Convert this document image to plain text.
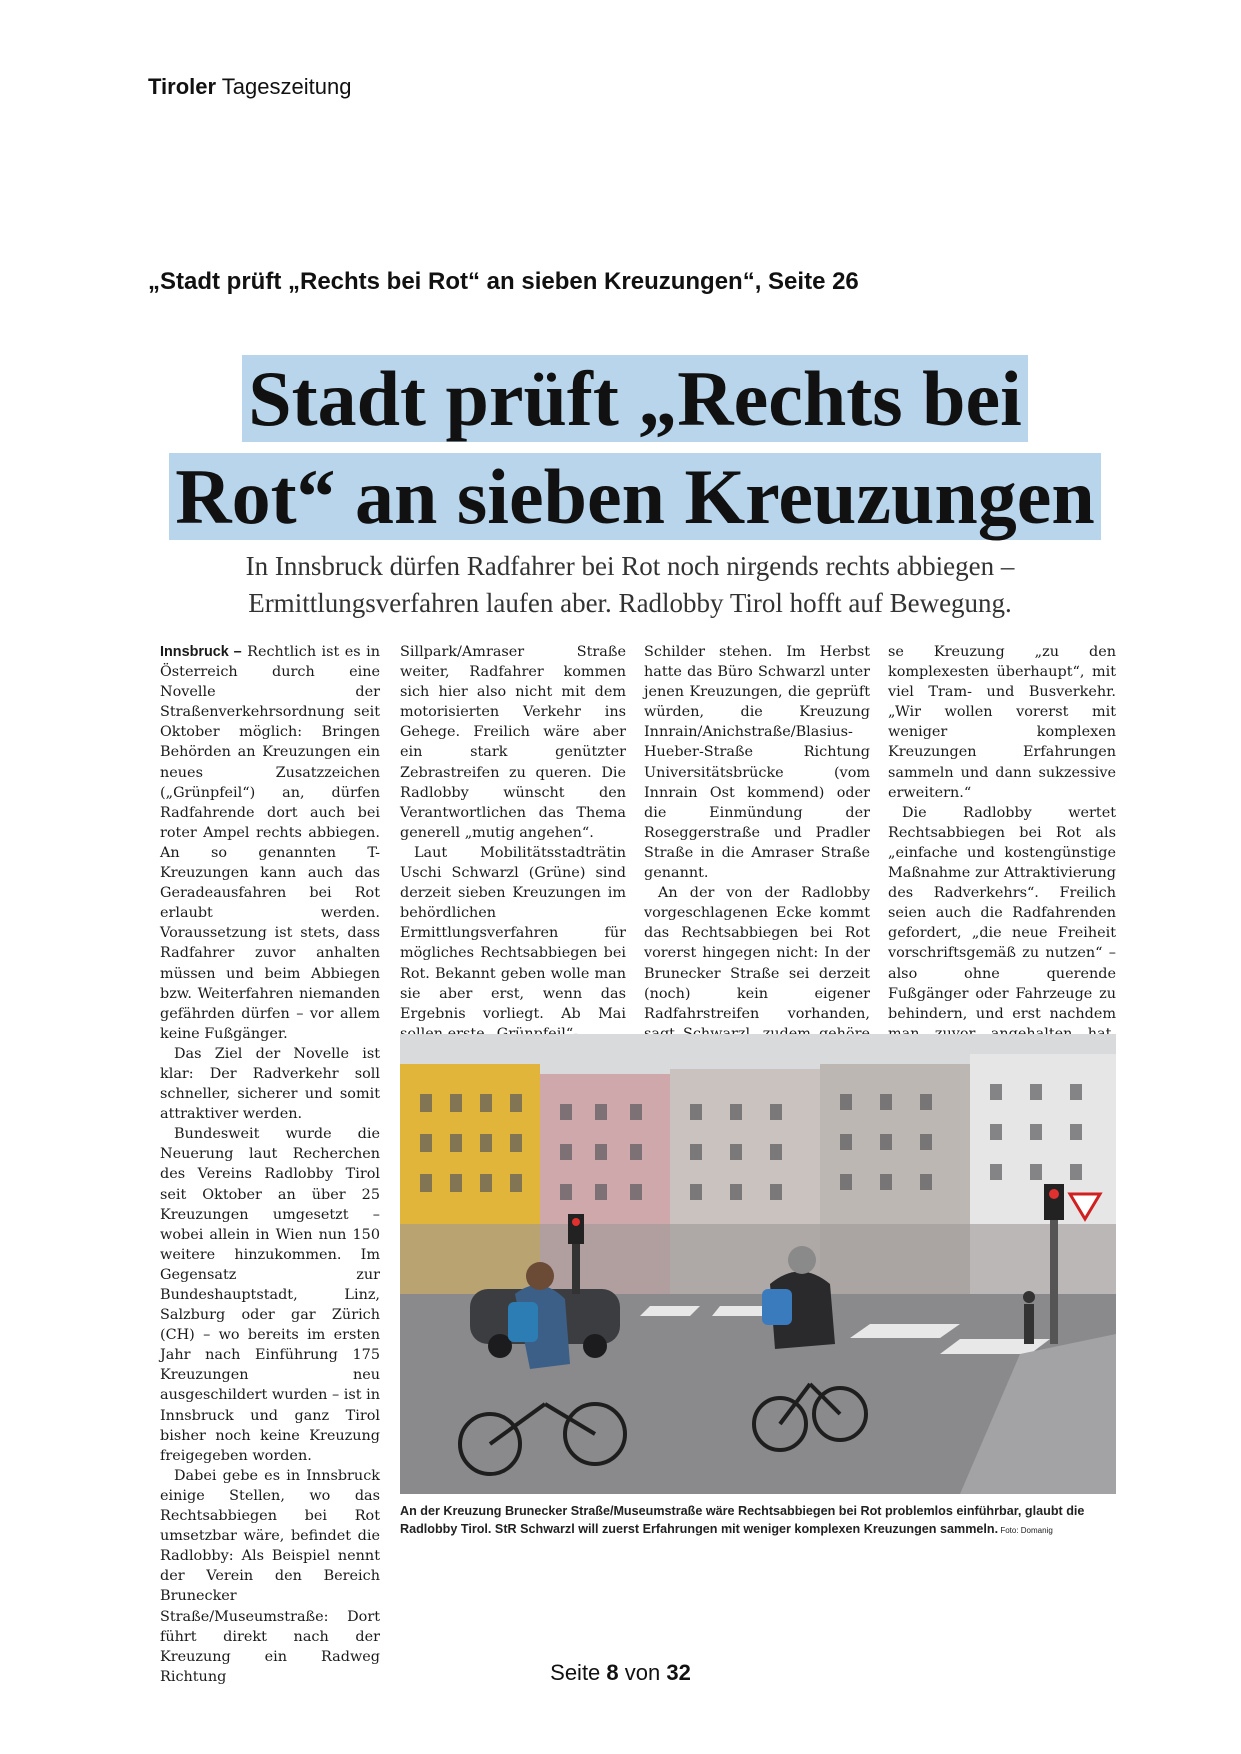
Tiroler Tageszeitung
„Stadt prüft „Rechts bei Rot“ an sieben Kreuzungen“, Seite 26
Stadt prüft „Rechts bei
Rot“ an sieben Kreuzungen
In Innsbruck dürfen Radfahrer bei Rot noch nirgends rechts abbiegen –
Ermittlungsverfahren laufen aber. Radlobby Tirol hofft auf Bewegung.

Innsbruck – Rechtlich ist es in Österreich durch eine Novelle der Straßenverkehrsordnung seit Oktober möglich: Bringen Behörden an Kreuzungen ein neues Zusatzzeichen („Grünpfeil“) an, dürfen Radfahrende dort auch bei roter Ampel rechts abbiegen. An so genannten T-Kreuzungen kann auch das Geradeausfahren bei Rot erlaubt werden. Voraussetzung ist stets, dass Radfahrer zuvor anhalten müssen und beim Abbiegen bzw. Weiterfahren niemanden gefährden dürfen – vor allem keine Fußgänger.

Das Ziel der Novelle ist klar: Der Radverkehr soll schneller, sicherer und somit attraktiver werden.

Bundesweit wurde die Neuerung laut Recherchen des Vereins Radlobby Tirol seit Oktober an über 25 Kreuzungen umgesetzt – wobei allein in Wien nun 150 weitere hinzukommen. Im Gegensatz zur Bundeshauptstadt, Linz, Salzburg oder gar Zürich (CH) – wo bereits im ersten Jahr nach Einführung 175 Kreuzungen neu ausgeschildert wurden – ist in Innsbruck und ganz Tirol bisher noch keine Kreuzung freigegeben worden.

Dabei gebe es in Innsbruck einige Stellen, wo das Rechtsabbiegen bei Rot umsetzbar wäre, befindet die Radlobby: Als Beispiel nennt der Verein den Bereich Brunecker Straße/Museumstraße: Dort führt direkt nach der Kreuzung ein Radweg Richtung

Sillpark/Amraser Straße weiter, Radfahrer kommen sich hier also nicht mit dem motorisierten Verkehr ins Gehege. Freilich wäre aber ein stark genützter Zebrastreifen zu queren. Die Radlobby wünscht den Verantwortlichen das Thema generell „mutig angehen“.

Laut Mobilitätsstadträtin Uschi Schwarzl (Grüne) sind derzeit sieben Kreuzungen im behördlichen Ermittlungsverfahren für mögliches Rechtsabbiegen bei Rot. Bekannt geben wolle man sie aber erst, wenn das Ergebnis vorliegt. Ab Mai

Schilder stehen. Im Herbst hatte das Büro Schwarzl unter jenen Kreuzungen, die geprüft würden, die Kreuzung Innrain/Anichstraße/Blasius-Hueber-Straße Richtung Universitätsbrücke (vom Innrain Ost kommend) oder die Einmündung der Roseggerstraße und Pradler Straße in die Amraser Straße genannt.

An der von der Radlobby vorgeschlagenen Ecke kommt das Rechtsabbiegen bei Rot vorerst hingegen nicht: In der Brunecker Straße sei derzeit (noch) kein eigener Radfahrstreifen vorhanden,

se Kreuzung „zu den komplexesten überhaupt“, mit viel Tram- und Busverkehr. „Wir wollen vorerst mit weniger komplexen Kreuzungen Erfahrungen sammeln und dann sukzessive erweitern.“

Die Radlobby wertet Rechtsabbiegen bei Rot als „einfache und kostengünstige Maßnahme zur Attraktivierung des Radverkehrs“. Freilich seien auch die Radfahrenden gefordert, „die neue Freiheit vorschriftsgemäß zu nutzen“ – also ohne querende Fußgänger oder Fahrzeuge zu behindern, und erst nachdem

An der Kreuzung Brunecker Straße/Museumstraße wäre Rechtsabbiegen bei Rot problemlos einführbar, glaubt die Radlobby Tirol. StR Schwarzl will zuerst Erfahrungen mit weniger komplexen Kreuzungen sammeln. Foto: Domanig
Seite 8 von 32
